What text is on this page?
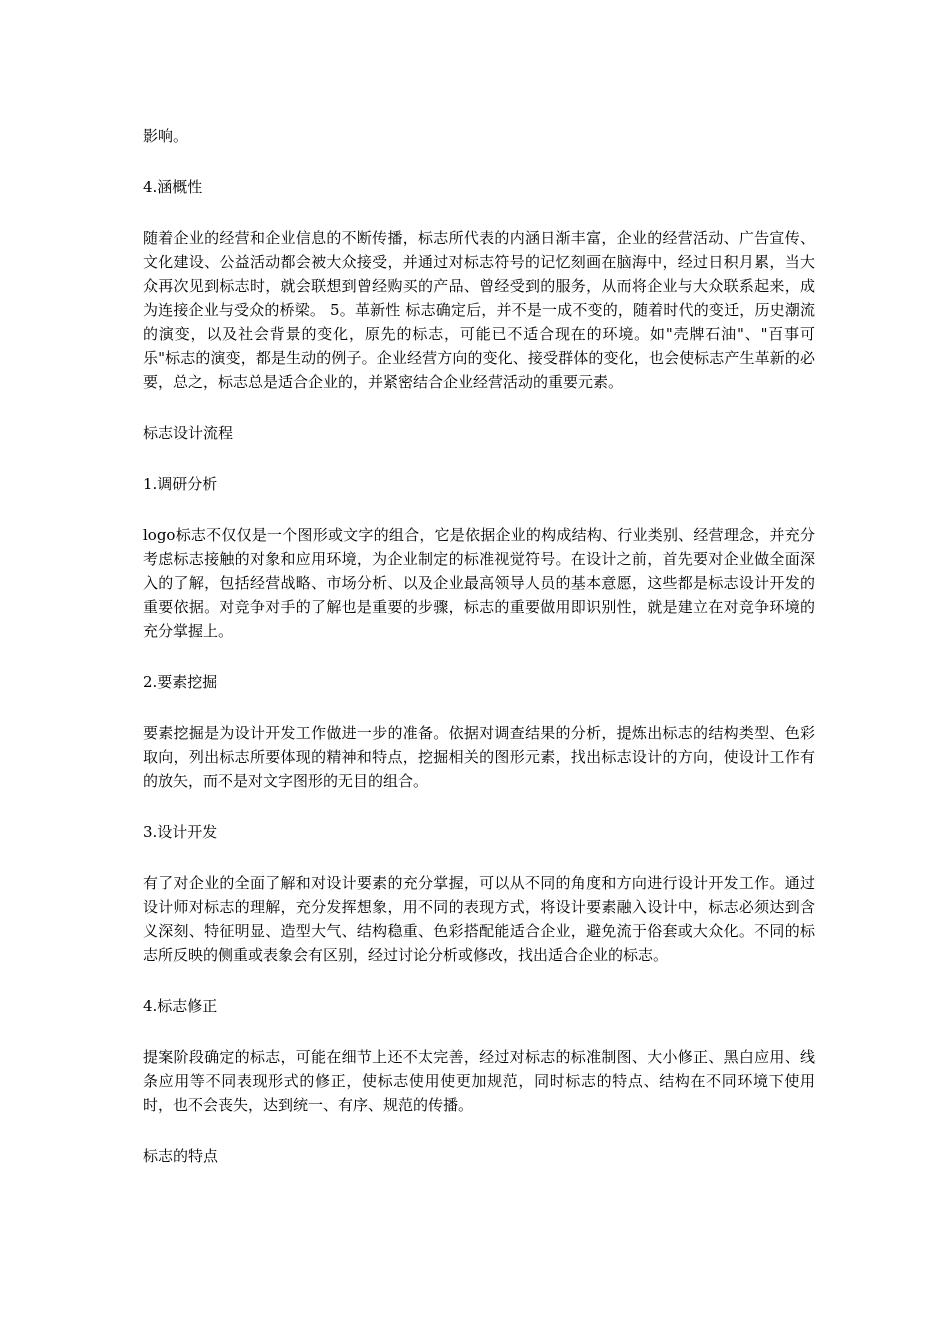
影响。

4.涵概性

随着企业的经营和企业信息的不断传播，标志所代表的内涵日渐丰富，企业的经营活动、广告宣传、文化建设、公益活动都会被大众接受，并通过对标志符号的记忆刻画在脑海中，经过日积月累，当大众再次见到标志时，就会联想到曾经购买的产品、曾经受到的服务，从而将企业与大众联系起来，成为连接企业与受众的桥梁。 5。革新性 标志确定后，并不是一成不变的，随着时代的变迁，历史潮流的演变，以及社会背景的变化，原先的标志，可能已不适合现在的环境。如"壳牌石油"、"百事可乐"标志的演变，都是生动的例子。企业经营方向的变化、接受群体的变化，也会使标志产生革新的必要，总之，标志总是适合企业的，并紧密结合企业经营活动的重要元素。

标志设计流程

1.调研分析

logo标志不仅仅是一个图形或文字的组合，它是依据企业的构成结构、行业类别、经营理念，并充分考虑标志接触的对象和应用环境，为企业制定的标准视觉符号。在设计之前，首先要对企业做全面深入的了解，包括经营战略、市场分析、以及企业最高领导人员的基本意愿，这些都是标志设计开发的重要依据。对竞争对手的了解也是重要的步骤，标志的重要做用即识别性，就是建立在对竞争环境的充分掌握上。

2.要素挖掘

要素挖掘是为设计开发工作做进一步的准备。依据对调查结果的分析，提炼出标志的结构类型、色彩取向，列出标志所要体现的精神和特点，挖掘相关的图形元素，找出标志设计的方向，使设计工作有的放矢，而不是对文字图形的无目的组合。

3.设计开发

有了对企业的全面了解和对设计要素的充分掌握，可以从不同的角度和方向进行设计开发工作。通过设计师对标志的理解，充分发挥想象，用不同的表现方式，将设计要素融入设计中，标志必须达到含义深刻、特征明显、造型大气、结构稳重、色彩搭配能适合企业，避免流于俗套或大众化。不同的标志所反映的侧重或表象会有区别，经过讨论分析或修改，找出适合企业的标志。

4.标志修正

提案阶段确定的标志，可能在细节上还不太完善，经过对标志的标准制图、大小修正、黑白应用、线条应用等不同表现形式的修正，使标志使用使更加规范，同时标志的特点、结构在不同环境下使用时，也不会丧失，达到统一、有序、规范的传播。

标志的特点
